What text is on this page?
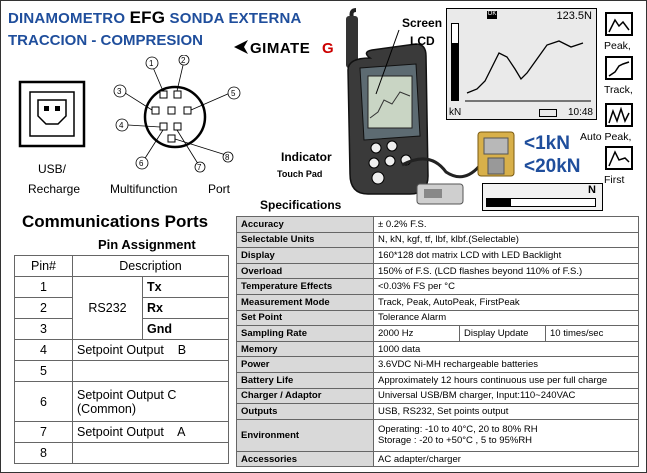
DINAMOMETRO EFG SONDA EXTERNA
TRACCION - COMPRESION	GIMATE G
USB/
Recharge
1	2
3	5
4
6	7
8
Multifunction	Port
Screen
LCD
Indicator
Touch Pad
Specifications
<1kN
<20kN
N
OK	123.5N
kN	10:48
Peak,
Track,
Auto Peak,
First
Communications Ports
Pin Assignment
Pin#	Description	
1	RS232	Tx
2		Rx
3		Gnd
4	Setpoint Output    B	
5		
6	Setpoint Output C
(Common)	

7	Setpoint Output    A	
8		
Accuracy	± 0.2% F.S.		
Selectable Units	N, kN, kgf, tf, lbf, klbf.(Selectable)		
Display	160*128 dot matrix LCD with LED Backlight		
Overload	150% of F.S. (LCD flashes beyond 110% of F.S.)		
Temperature Effects	<0.03% FS per °C		
Measurement Mode	Track, Peak, AutoPeak, FirstPeak		
Set Point	Tolerance Alarm		
Sampling Rate	2000 Hz	Display Update	10 times/sec
Memory	1000 data		
Power	3.6VDC Ni-MH rechargeable batteries		
Battery Life	Approximately 12 hours continuous use per full charge		
Charger / Adaptor	Universal USB/BM charger, Input:110~240VAC		
Outputs	USB, RS232, Set points output		
Environment	Operating: -10 to 40°C, 20 to 80% RH
Storage : -20 to +50°C , 5 to 95%RH		

Accessories	AC adapter/charger		
